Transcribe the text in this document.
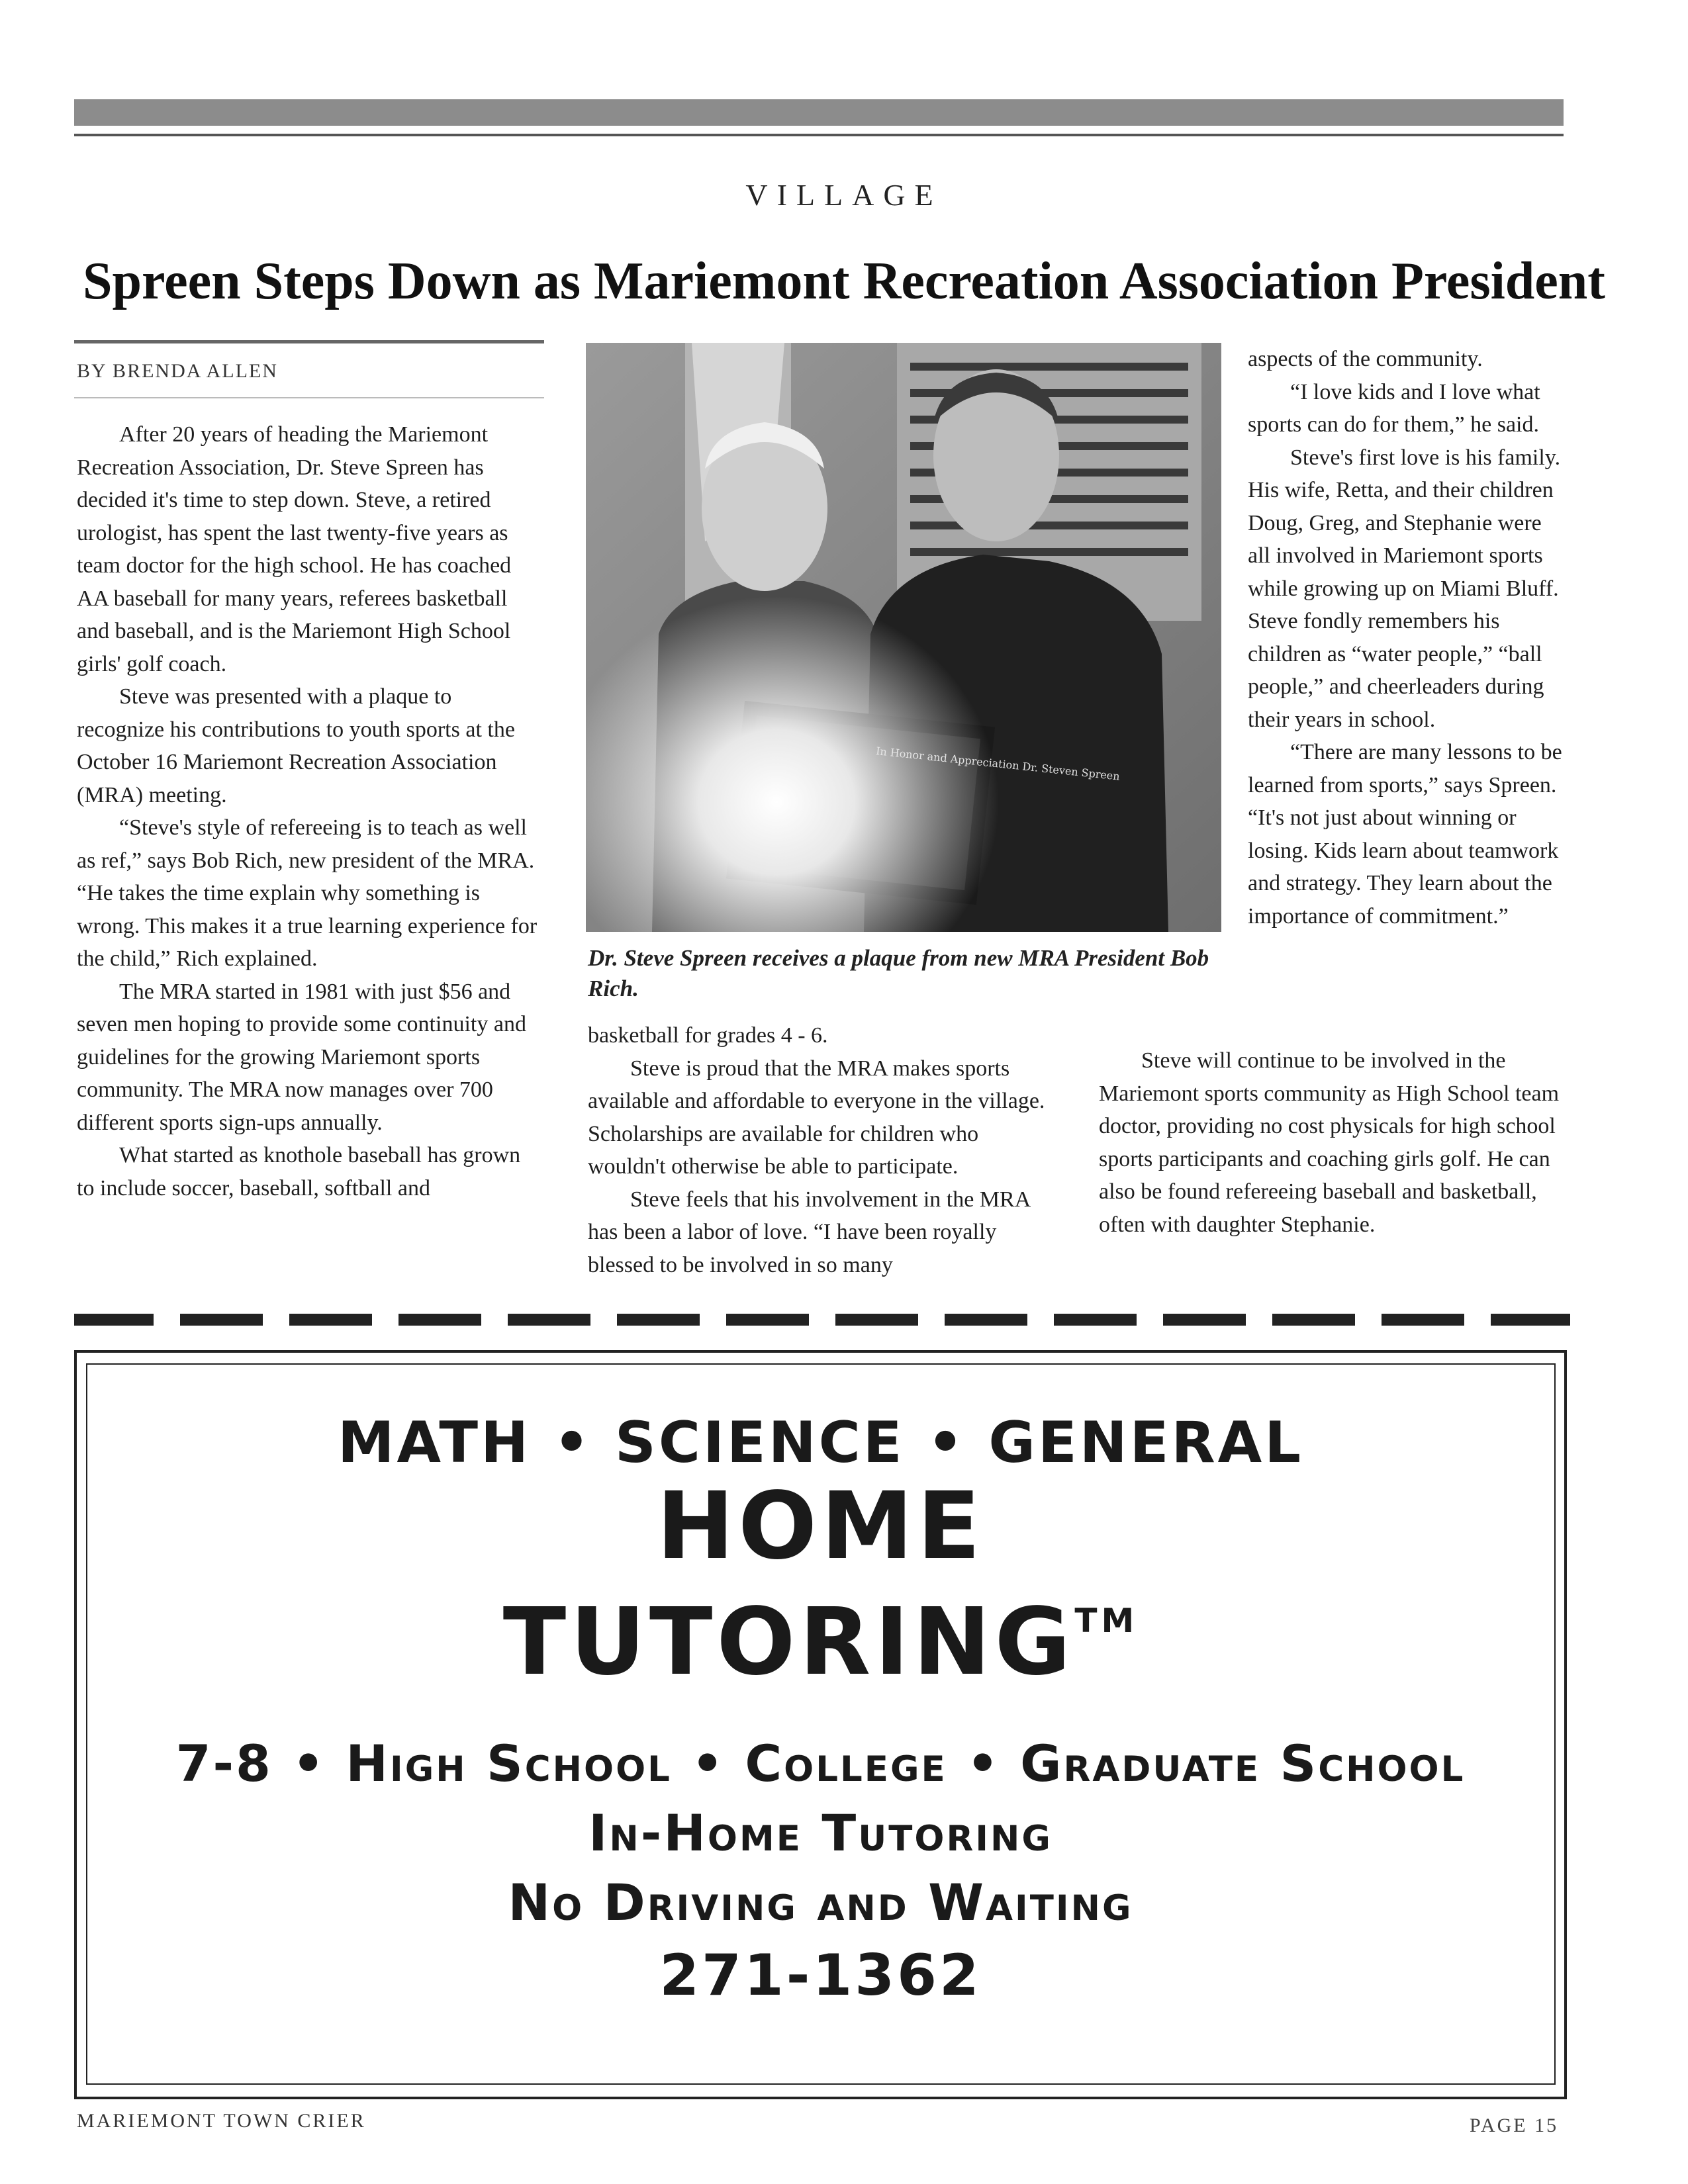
VILLAGE
Spreen Steps Down as Mariemont Recreation Association President
BY BRENDA ALLEN

After 20 years of heading the Mariemont Recreation Association, Dr. Steve Spreen has decided it's time to step down. Steve, a retired urologist, has spent the last twenty-five years as team doctor for the high school. He has coached AA baseball for many years, referees basketball and baseball, and is the Mariemont High School girls' golf coach.

Steve was presented with a plaque to recognize his contributions to youth sports at the October 16 Mariemont Recreation Association (MRA) meeting.

“Steve's style of refereeing is to teach as well as ref,” says Bob Rich, new president of the MRA. “He takes the time explain why something is wrong. This makes it a true learning experience for the child,” Rich explained.

The MRA started in 1981 with just $56 and seven men hoping to provide some continuity and guidelines for the growing Mariemont sports community. The MRA now manages over 700 different sports sign-ups annually.

What started as knothole baseball has grown to include soccer, baseball, softball and

Dr. Steve Spreen receives a plaque from new MRA President Bob Rich.

basketball for grades 4 - 6.

Steve is proud that the MRA makes sports available and affordable to everyone in the village. Scholarships are available for children who wouldn't otherwise be able to participate.

Steve feels that his involvement in the MRA has been a labor of love. “I have been royally blessed to be involved in so many

aspects of the community.

“I love kids and I love what sports can do for them,” he said.

Steve's first love is his family. His wife, Retta, and their children Doug, Greg, and Stephanie were all involved in Mariemont sports while growing up on Miami Bluff. Steve fondly remembers his children as “water people,” “ball people,” and cheerleaders during their years in school.

“There are many lessons to be learned from sports,” says Spreen. “It's not just about winning or losing. Kids learn about teamwork and strategy. They learn about the importance of commitment.”

Steve will continue to be involved in the Mariemont sports community as High School team doctor, providing no cost physicals for high school sports participants and coaching girls golf. He can also be found refereeing baseball and basketball, often with daughter Stephanie.

MATH • SCIENCE • GENERAL
HOME
TUTORING™
7-8 • High School • College • Graduate School
In-Home Tutoring
No Driving and Waiting
271-1362
MARIEMONT TOWN CRIER	PAGE 15
